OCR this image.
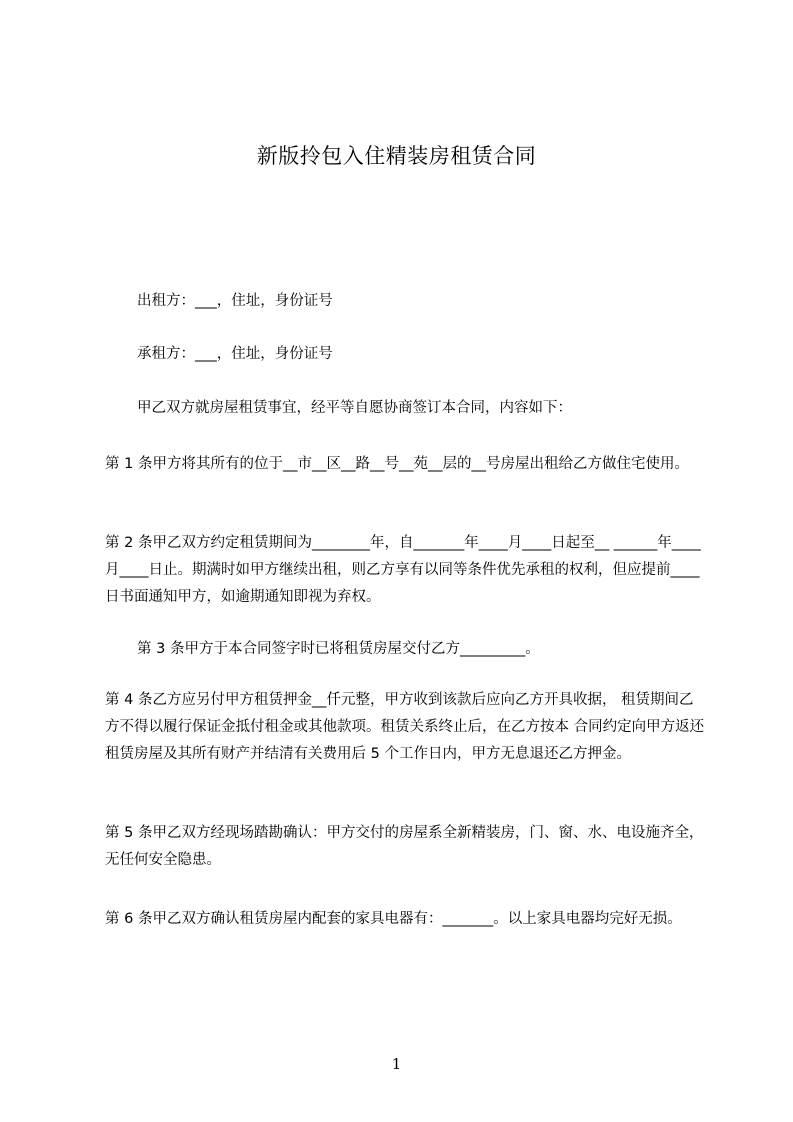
新版拎包入住精装房租赁合同

出租方：___，住址，身份证号

承租方：___，住址，身份证号

甲乙双方就房屋租赁事宜，经平等自愿协商签订本合同，内容如下：

第 1 条甲方将其所有的位于__市__区__路__号__苑__层的__号房屋出租给乙方做住宅使用。

第 2 条甲乙双方约定租赁期间为________年，自_______年____月____日起至__ ______年____月____日止。期满时如甲方继续出租，则乙方享有以同等条件优先承租的权利，但应提前____日书面通知甲方，如逾期通知即视为弃权。

第 3 条甲方于本合同签字时已将租赁房屋交付乙方_________。

第 4 条乙方应另付甲方租赁押金__仟元整，甲方收到该款后应向乙方开具收据， 租赁期间乙方不得以履行保证金抵付租金或其他款项。租赁关系终止后，在乙方按本 合同约定向甲方返还租赁房屋及其所有财产并结清有关费用后 5 个工作日内，甲方无息退还乙方押金。

第 5 条甲乙双方经现场踏勘确认：甲方交付的房屋系全新精装房，门、窗、水、电设施齐全，无任何安全隐患。

第 6 条甲乙双方确认租赁房屋内配套的家具电器有：_______。以上家具电器均完好无损。

1
